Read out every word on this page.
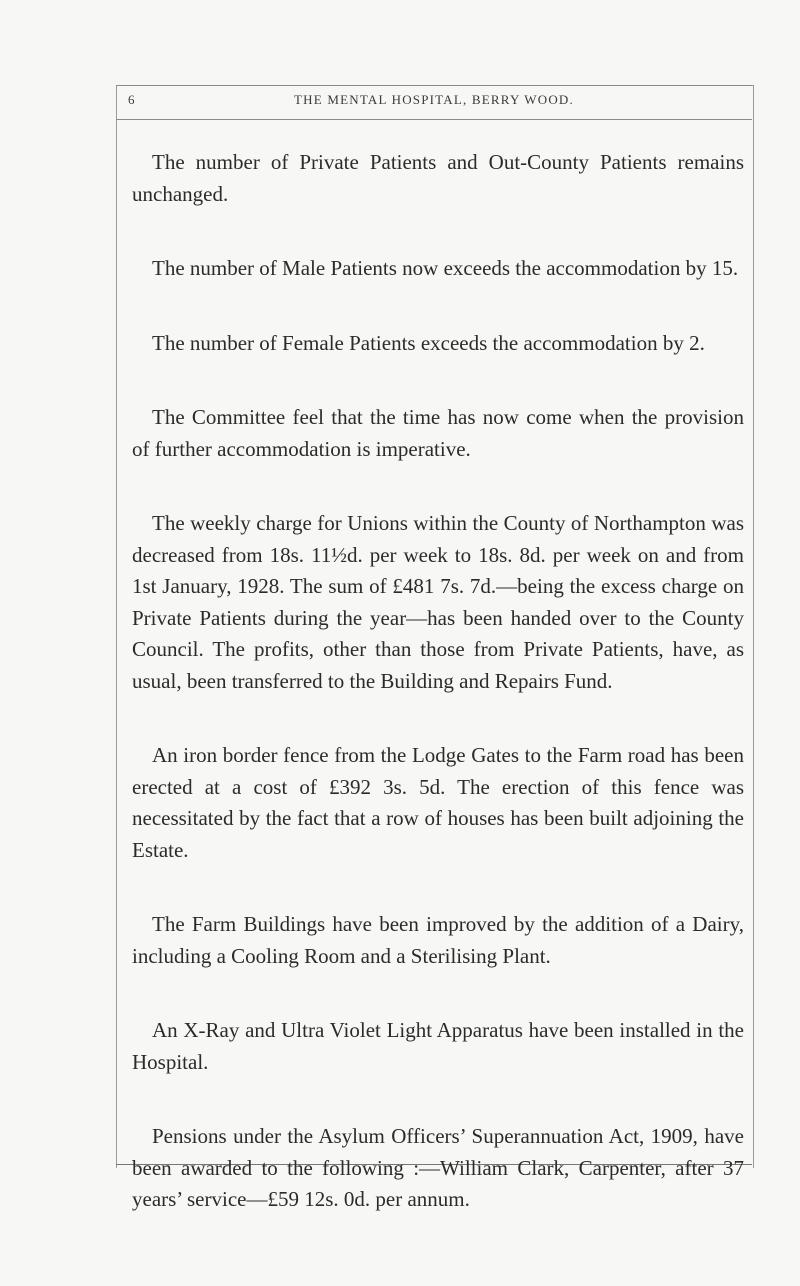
6	THE MENTAL HOSPITAL, BERRY WOOD.

The number of Private Patients and Out-County Patients remains unchanged.

The number of Male Patients now exceeds the accommodation by 15.

The number of Female Patients exceeds the accommodation by 2.

The Committee feel that the time has now come when the provision of further accommodation is imperative.

The weekly charge for Unions within the County of Northampton was decreased from 18s. 11½d. per week to 18s. 8d. per week on and from 1st January, 1928. The sum of £481 7s. 7d.—being the excess charge on Private Patients during the year—has been handed over to the County Council. The profits, other than those from Private Patients, have, as usual, been transferred to the Building and Repairs Fund.

An iron border fence from the Lodge Gates to the Farm road has been erected at a cost of £392 3s. 5d. The erection of this fence was necessitated by the fact that a row of houses has been built adjoining the Estate.

The Farm Buildings have been improved by the addition of a Dairy, including a Cooling Room and a Sterilising Plant.

An X-Ray and Ultra Violet Light Apparatus have been installed in the Hospital.

Pensions under the Asylum Officers’ Superannuation Act, 1909, have been awarded to the following :—William Clark, Carpenter, after 37 years’ service—£59 12s. 0d. per annum.
